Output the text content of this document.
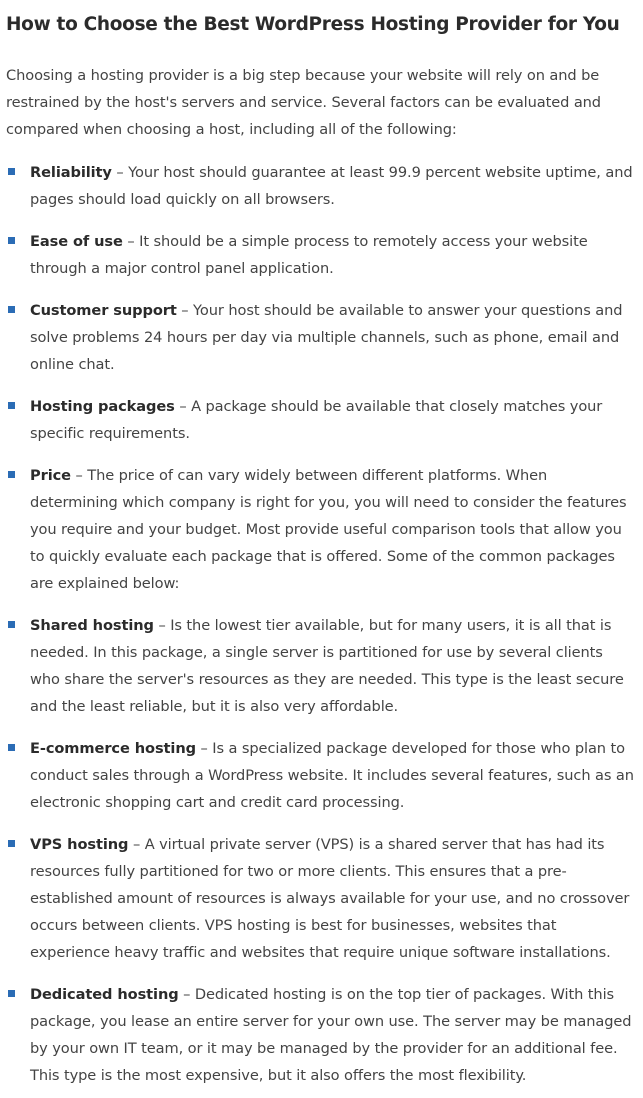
How to Choose the Best WordPress Hosting Provider for You

Choosing a hosting provider is a big step because your website will rely on and be restrained by the host's servers and service. Several factors can be evaluated and compared when choosing a host, including all of the following:

Reliability – Your host should guarantee at least 99.9 percent website uptime, and pages should load quickly on all browsers.
Ease of use – It should be a simple process to remotely access your website through a major control panel application.
Customer support – Your host should be available to answer your questions and solve problems 24 hours per day via multiple channels, such as phone, email and online chat.
Hosting packages – A package should be available that closely matches your specific requirements.
Price – The price of can vary widely between different platforms. When determining which company is right for you, you will need to consider the features you require and your budget. Most provide useful comparison tools that allow you to quickly evaluate each package that is offered. Some of the common packages are explained below:
Shared hosting – Is the lowest tier available, but for many users, it is all that is needed. In this package, a single server is partitioned for use by several clients who share the server's resources as they are needed. This type is the least secure and the least reliable, but it is also very affordable.
E-commerce hosting – Is a specialized package developed for those who plan to conduct sales through a WordPress website. It includes several features, such as an electronic shopping cart and credit card processing.
VPS hosting – A virtual private server (VPS) is a shared server that has had its resources fully partitioned for two or more clients. This ensures that a pre-established amount of resources is always available for your use, and no crossover occurs between clients. VPS hosting is best for businesses, websites that experience heavy traffic and websites that require unique software installations.
Dedicated hosting – Dedicated hosting is on the top tier of packages. With this package, you lease an entire server for your own use. The server may be managed by your own IT team, or it may be managed by the provider for an additional fee. This type is the most expensive, but it also offers the most flexibility.
